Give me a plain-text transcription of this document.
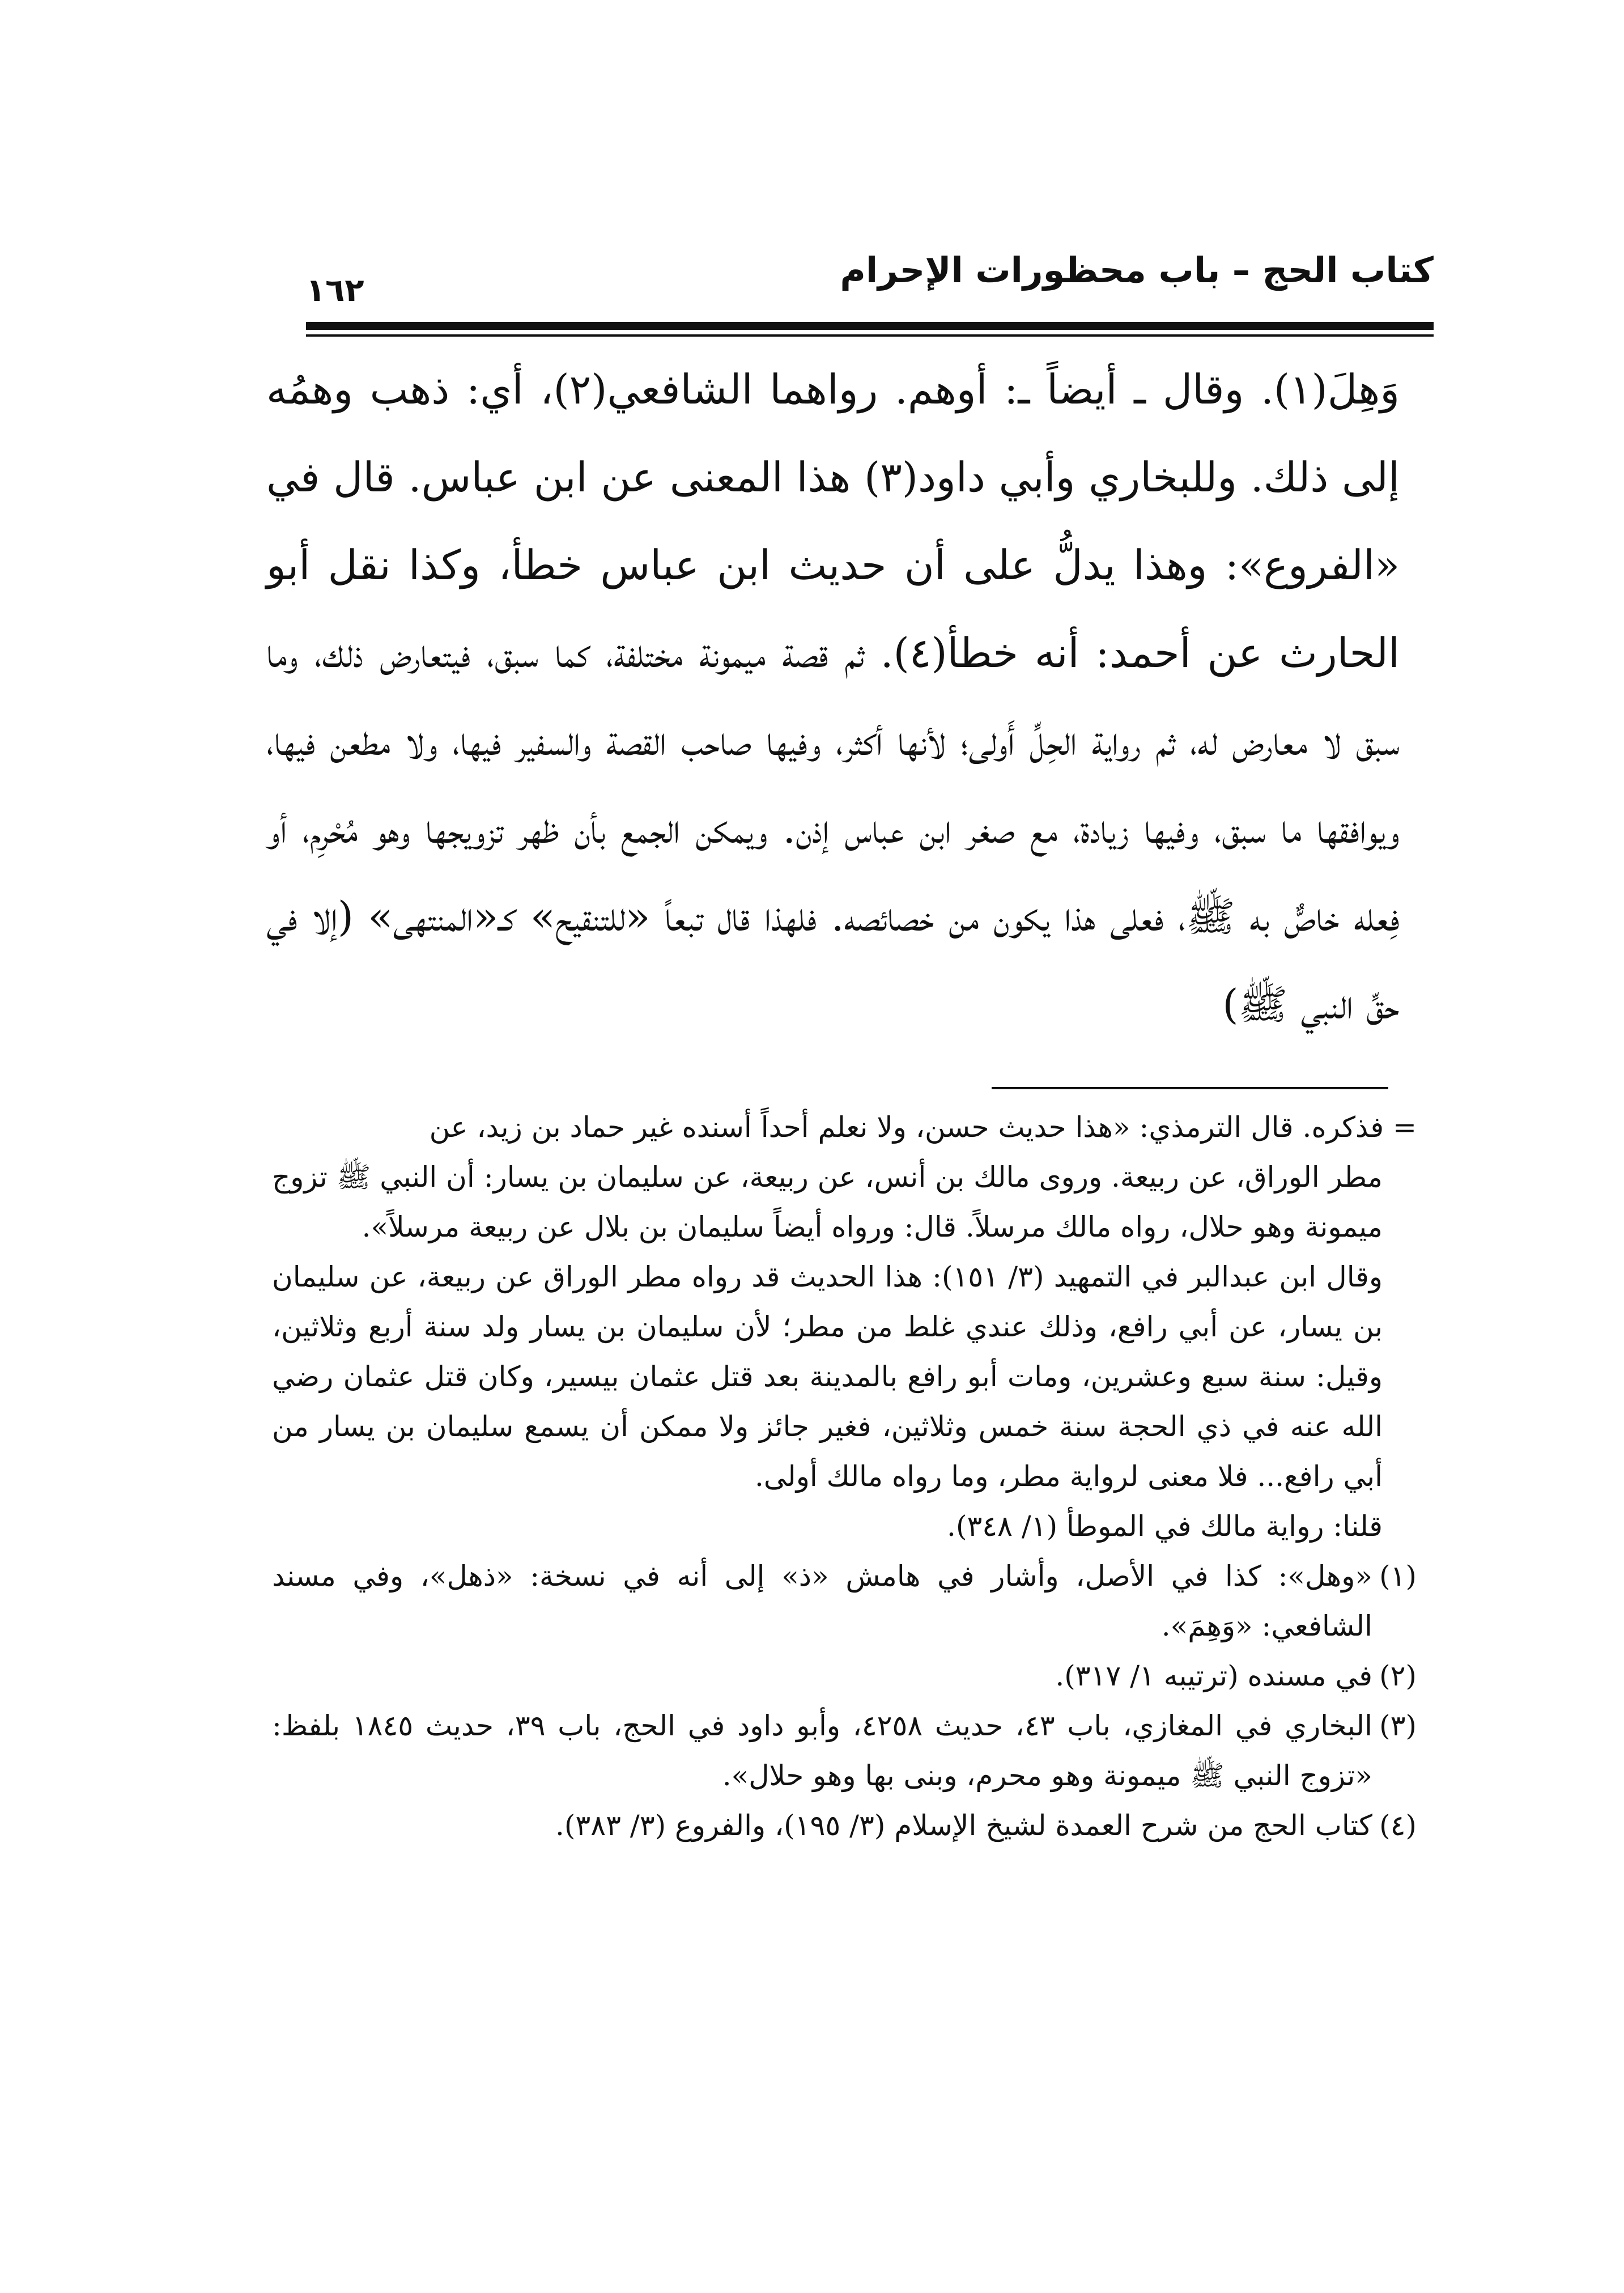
كتاب الحج – باب محظورات الإحرام
١٦٢

وَهِلَ(١). وقال ـ أيضاً ـ: أوهم. رواهما الشافعي(٢)، أي: ذهب وهمُه إلى ذلك. وللبخاري وأبي داود(٣) هذا المعنى عن ابن عباس. قال في «الفروع»: وهذا يدلُّ على أن حديث ابن عباس خطأ، وكذا نقل أبو الحارث عن أحمد: أنه خطأ(٤). ثم قصة ميمونة مختلفة، كما سبق، فيتعارض ذلك، وما سبق لا معارض له، ثم رواية الحِلِّ أَولى؛ لأنها أكثر، وفيها صاحب القصة والسفير فيها، ولا مطعن فيها، ويوافقها ما سبق، وفيها زيادة، مع صغر ابن عباس إذن. ويمكن الجمع بأن ظهر تزويجها وهو مُحْرِم، أو فِعله خاصٌّ به ﷺ، فعلى هذا يكون من خصائصه. فلهذا قال تبعاً «للتنقيح» كـ«المنتهى» (إلا في حقِّ النبي ﷺ)

= فذكره. قال الترمذي: «هذا حديث حسن، ولا نعلم أحداً أسنده غير حماد بن زيد، عن

مطر الوراق، عن ربيعة. وروى مالك بن أنس، عن ربيعة، عن سليمان بن يسار: أن النبي ﷺ تزوج ميمونة وهو حلال، رواه مالك مرسلاً. قال: ورواه أيضاً سليمان بن بلال عن ربيعة مرسلاً».

وقال ابن عبدالبر في التمهيد (٣/ ١٥١): هذا الحديث قد رواه مطر الوراق عن ربيعة، عن سليمان بن يسار، عن أبي رافع، وذلك عندي غلط من مطر؛ لأن سليمان بن يسار ولد سنة أربع وثلاثين، وقيل: سنة سبع وعشرين، ومات أبو رافع بالمدينة بعد قتل عثمان بيسير، وكان قتل عثمان رضي الله عنه في ذي الحجة سنة خمس وثلاثين، فغير جائز ولا ممكن أن يسمع سليمان بن يسار من أبي رافع... فلا معنى لرواية مطر، وما رواه مالك أولى.

قلنا: رواية مالك في الموطأ (١/ ٣٤٨).

(١)
«وهل»: كذا في الأصل، وأشار في هامش «ذ» إلى أنه في نسخة: «ذهل»، وفي مسند الشافعي: «وَهِمَ».
(٢)
في مسنده (ترتيبه ١/ ٣١٧).
(٣)
البخاري في المغازي، باب ٤٣، حديث ٤٢٥٨، وأبو داود في الحج، باب ٣٩، حديث ١٨٤٥ بلفظ: «تزوج النبي ﷺ ميمونة وهو محرم، وبنى بها وهو حلال».
(٤)
كتاب الحج من شرح العمدة لشيخ الإسلام (٣/ ١٩٥)، والفروع (٣/ ٣٨٣).
